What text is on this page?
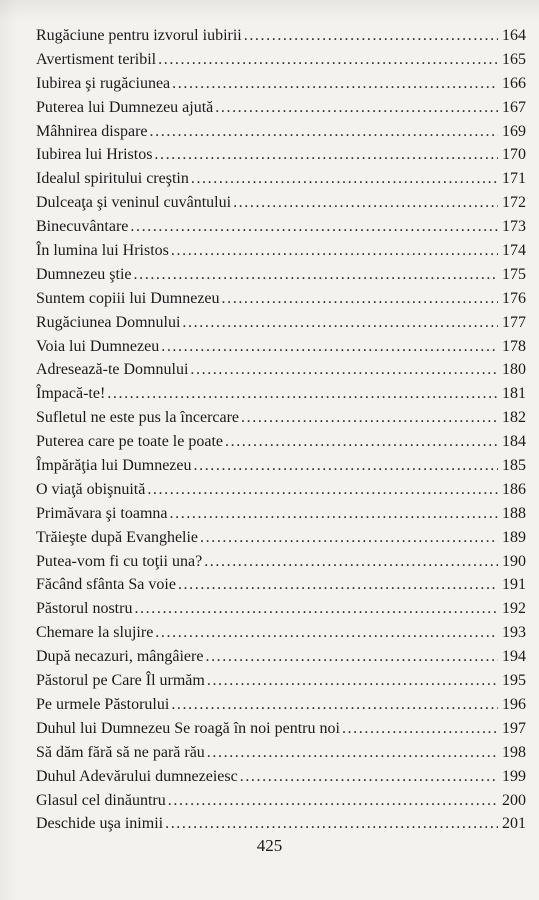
Rugăciune pentru izvorul iubirii . . .	164
Avertisment teribil . . .	165
Iubirea şi rugăciunea . . .	166
Puterea lui Dumnezeu ajută . . .	167
Mâhnirea dispare . . .	169
Iubirea lui Hristos . . .	170
Idealul spiritului creştin . . .	171
Dulceaţa şi veninul cuvântului . . .	172
Binecuvântare . . .	173
În lumina lui Hristos . . .	174
Dumnezeu ştie . . .	175
Suntem copiii lui Dumnezeu . . .	176
Rugăciunea Domnului . . .	177
Voia lui Dumnezeu . . .	178
Adresează-te Domnului . . .	180
Împacă-te! . . .	181
Sufletul ne este pus la încercare . . .	182
Puterea care pe toate le poate . . .	184
Împărăţia lui Dumnezeu . . .	185
O viaţă obişnuită . . .	186
Primăvara şi toamna . . .	188
Trăieşte după Evanghelie . . .	189
Putea-vom fi cu toţii una? . . .	190
Făcând sfânta Sa voie . . .	191
Păstorul nostru . . .	192
Chemare la slujire . . .	193
După necazuri, mângâiere . . .	194
Păstorul pe Care Îl urmăm . . .	195
Pe urmele Păstorului . . .	196
Duhul lui Dumnezeu Se roagă în noi pentru noi . . .	197
Să dăm fără să ne pară rău . . .	198
Duhul Adevărului dumnezeiesc . . .	199
Glasul cel dinăuntru . . .	200
Deschide uşa inimii . . .	201
425
